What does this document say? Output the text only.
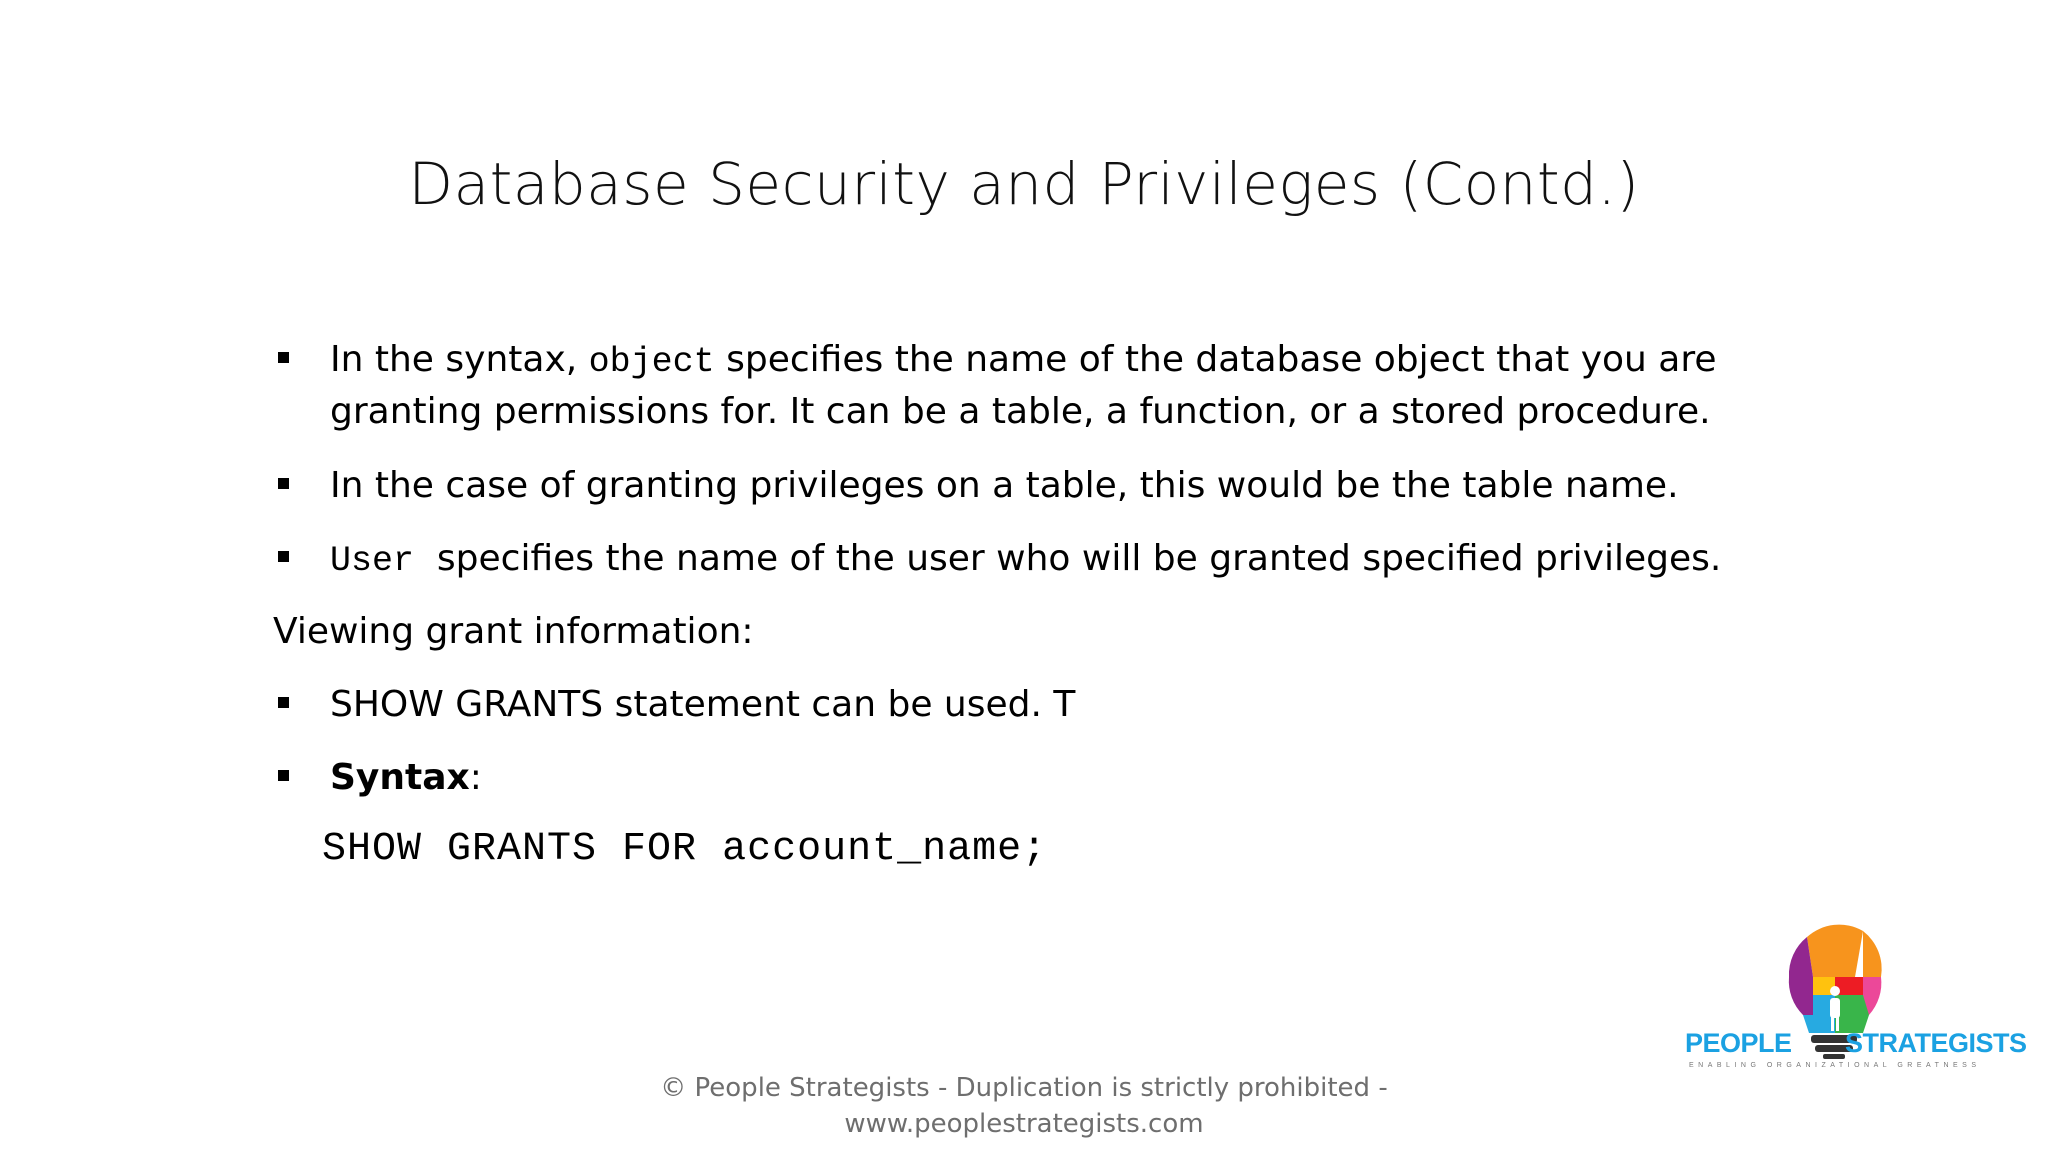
Database Security and Privileges (Contd.)
In the syntax, object specifies the name of the database object that you are
granting permissions for. It can be a table, a function, or a stored procedure.
In the case of granting privileges on a table, this would be the table name.
User specifies the name of the user who will be granted specified privileges.
Viewing grant information:
SHOW GRANTS statement can be used. T
Syntax:
SHOW GRANTS FOR account_name;
© People Strategists - Duplication is strictly prohibited -
www.peoplestrategists.com
PEOPLE STRATEGISTS
ENABLING ORGANIZATIONAL GREATNESS
